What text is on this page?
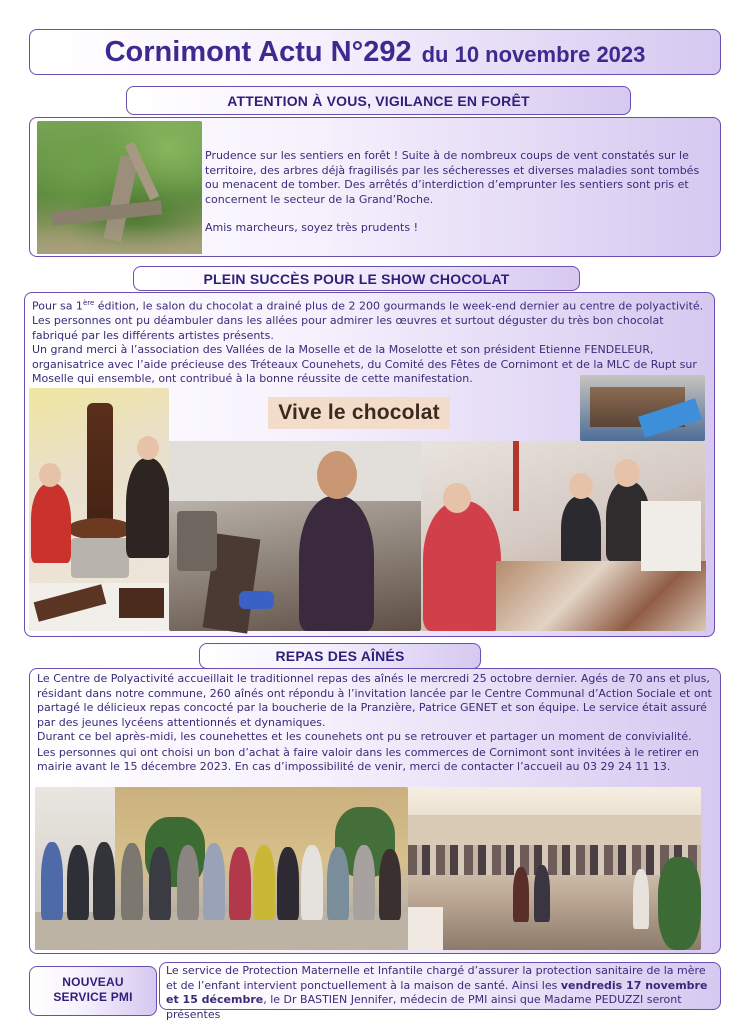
Cornimont Actu N°292 du 10 novembre 2023
ATTENTION À VOUS, VIGILANCE EN FORÊT

Prudence sur les sentiers en forêt ! Suite à de nombreux coups de vent constatés sur le territoire, des arbres déjà fragilisés par les sécheresses et diverses maladies sont tombés ou menacent de tomber. Des arrêtés d’interdiction d’emprunter les sentiers sont pris et concernent le secteur de la Grand’Roche.

Amis marcheurs, soyez très prudents !

PLEIN SUCCÈS POUR LE SHOW CHOCOLAT

Pour sa 1ère édition, le salon du chocolat a drainé plus de 2 200 gourmands le week-end dernier au centre de polyactivité. Les personnes ont pu déambuler dans les allées pour admirer les œuvres et surtout déguster du très bon chocolat fabriqué par les différents artistes présents.

Un grand merci à l’association des Vallées de la Moselle et de la Moselotte et son président Etienne FENDELEUR, organisatrice avec l’aide précieuse des Tréteaux Counehets, du Comité des Fêtes de Cornimont et de la MLC de Rupt sur Moselle qui ensemble, ont contribué à la bonne réussite de cette manifestation.

Vive le chocolat
REPAS DES AÎNÉS

Le Centre de Polyactivité accueillait le traditionnel repas des aînés le mercredi 25 octobre dernier. Agés de 70 ans et plus, résidant dans notre commune, 260 aînés ont répondu à l’invitation lancée par le Centre Communal d’Action Sociale et ont partagé le délicieux repas concocté par la boucherie de la Pranzière, Patrice GENET et son équipe. Le service était assuré par des jeunes lycéens attentionnés et dynamiques.

Durant ce bel après-midi, les counehettes et les counehets ont pu se retrouver et partager un moment de convivialité.

Les personnes qui ont choisi un bon d’achat à faire valoir dans les commerces de Cornimont sont invitées à le retirer en mairie avant le 15 décembre 2023. En cas d’impossibilité de venir, merci de contacter l’accueil au 03 29 24 11 13.

NOUVEAU
SERVICE PMI

Le service de Protection Maternelle et Infantile chargé d’assurer la protection sanitaire de la mère et de l’enfant intervient ponctuellement à la maison de santé. Ainsi les vendredis 17 novembre et 15 décembre, le Dr BASTIEN Jennifer, médecin de PMI ainsi que Madame PEDUZZI seront présentes
